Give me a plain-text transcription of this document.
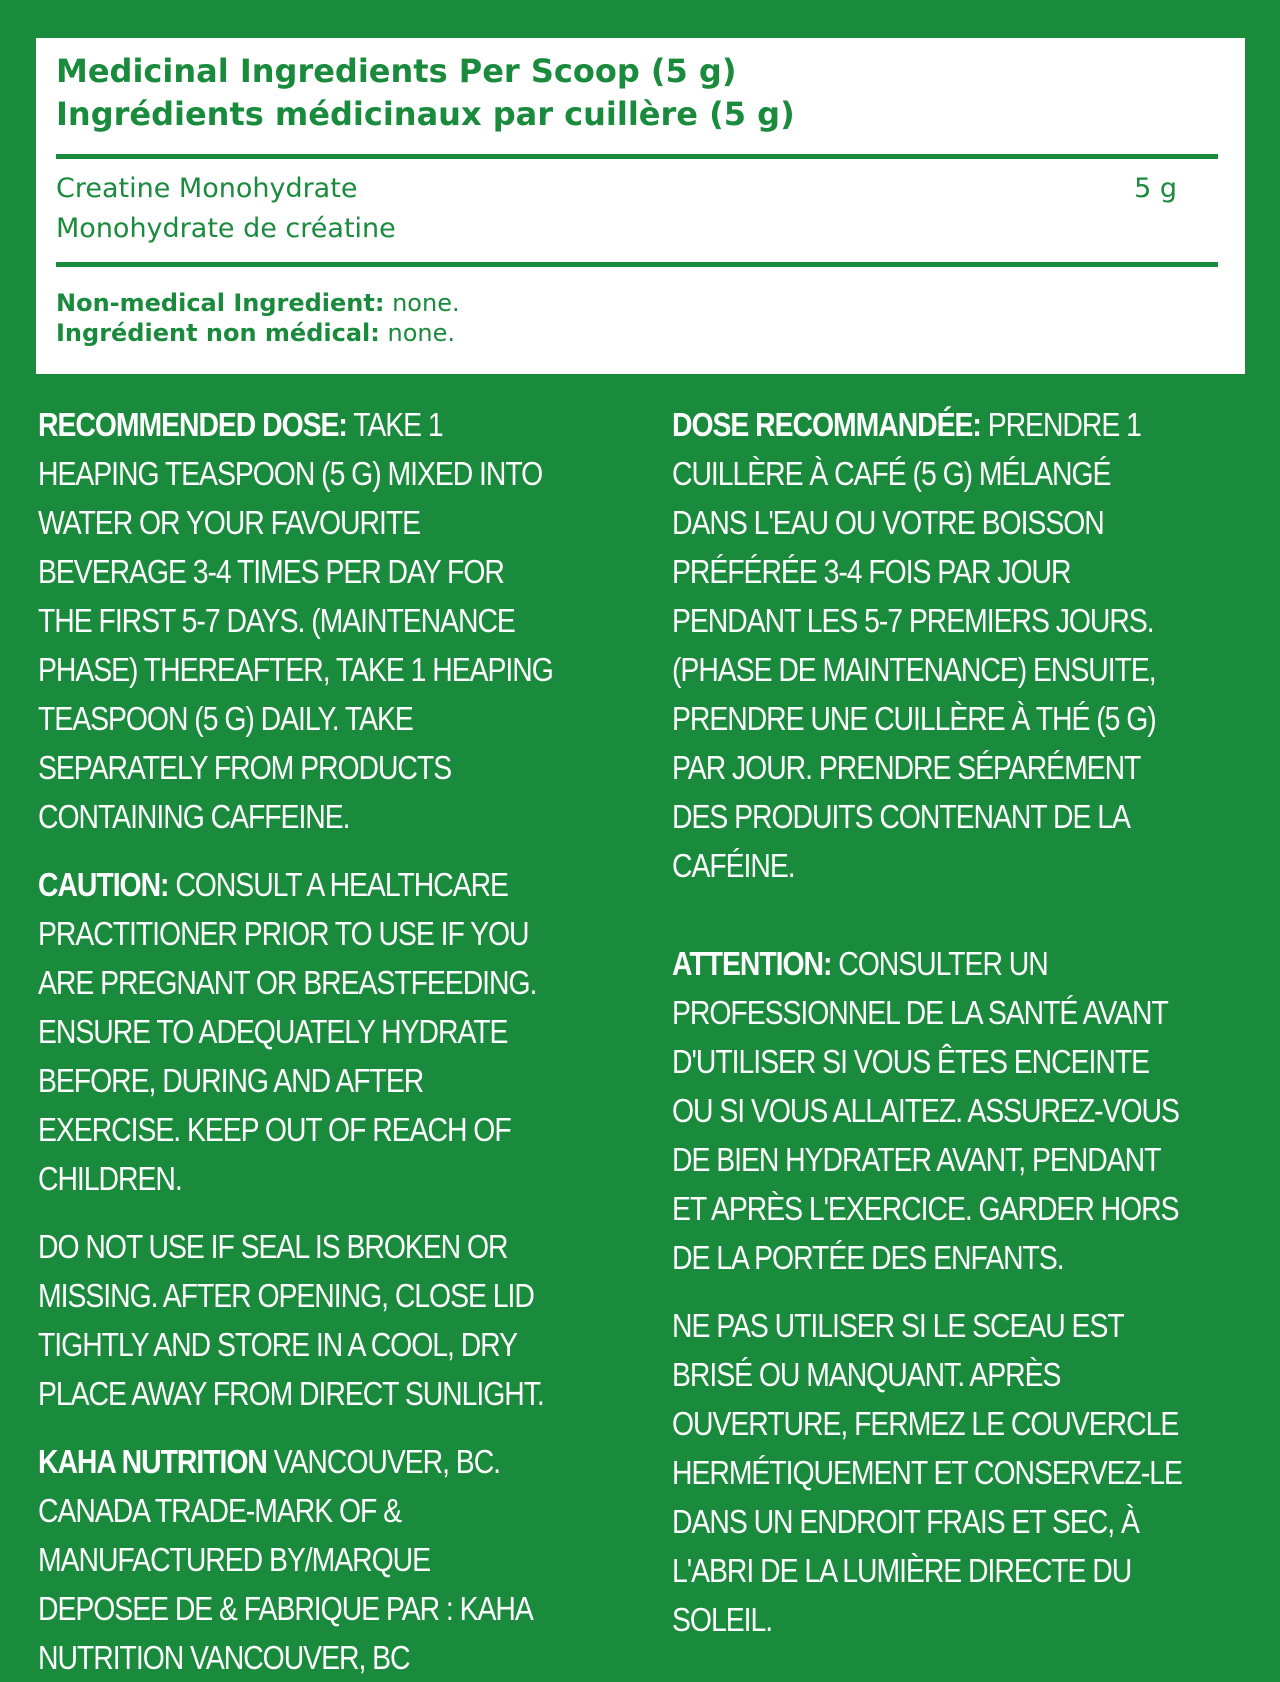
Medicinal Ingredients Per Scoop (5 g)
Ingrédients médicinaux par cuillère (5 g)
Creatine Monohydrate
Monohydrate de créatine
5 g
Non-medical Ingredient: none.
Ingrédient non médical: none.

RECOMMENDED DOSE: TAKE 1 HEAPING TEASPOON (5 G) MIXED INTO WATER OR YOUR FAVOURITE BEVERAGE 3-4 TIMES PER DAY FOR THE FIRST 5-7 DAYS. (MAINTENANCE PHASE) THEREAFTER, TAKE 1 HEAPING TEASPOON (5 G) DAILY. TAKE SEPARATELY FROM PRODUCTS CONTAINING CAFFEINE.

CAUTION: CONSULT A HEALTHCARE PRACTITIONER PRIOR TO USE IF YOU ARE PREGNANT OR BREASTFEEDING. ENSURE TO ADEQUATELY HYDRATE BEFORE, DURING AND AFTER EXERCISE. KEEP OUT OF REACH OF CHILDREN.

DO NOT USE IF SEAL IS BROKEN OR MISSING. AFTER OPENING, CLOSE LID TIGHTLY AND STORE IN A COOL, DRY PLACE AWAY FROM DIRECT SUNLIGHT.

KAHA NUTRITION VANCOUVER, BC. CANADA TRADE-MARK OF & MANUFACTURED BY/MARQUE DEPOSEE DE & FABRIQUE PAR : KAHA NUTRITION VANCOUVER, BC

DOSE RECOMMANDÉE: PRENDRE 1 CUILLÈRE À CAFÉ (5 G) MÉLANGÉ DANS L'EAU OU VOTRE BOISSON PRÉFÉRÉE 3-4 FOIS PAR JOUR PENDANT LES 5-7 PREMIERS JOURS. (PHASE DE MAINTENANCE) ENSUITE, PRENDRE UNE CUILLÈRE À THÉ (5 G) PAR JOUR. PRENDRE SÉPARÉMENT DES PRODUITS CONTENANT DE LA CAFÉINE.

ATTENTION: CONSULTER UN PROFESSIONNEL DE LA SANTÉ AVANT D'UTILISER SI VOUS ÊTES ENCEINTE OU SI VOUS ALLAITEZ. ASSUREZ-VOUS DE BIEN HYDRATER AVANT, PENDANT ET APRÈS L'EXERCICE. GARDER HORS DE LA PORTÉE DES ENFANTS.

NE PAS UTILISER SI LE SCEAU EST BRISÉ OU MANQUANT. APRÈS OUVERTURE, FERMEZ LE COUVERCLE HERMÉTIQUEMENT ET CONSERVEZ-LE DANS UN ENDROIT FRAIS ET SEC, À L'ABRI DE LA LUMIÈRE DIRECTE DU SOLEIL.
